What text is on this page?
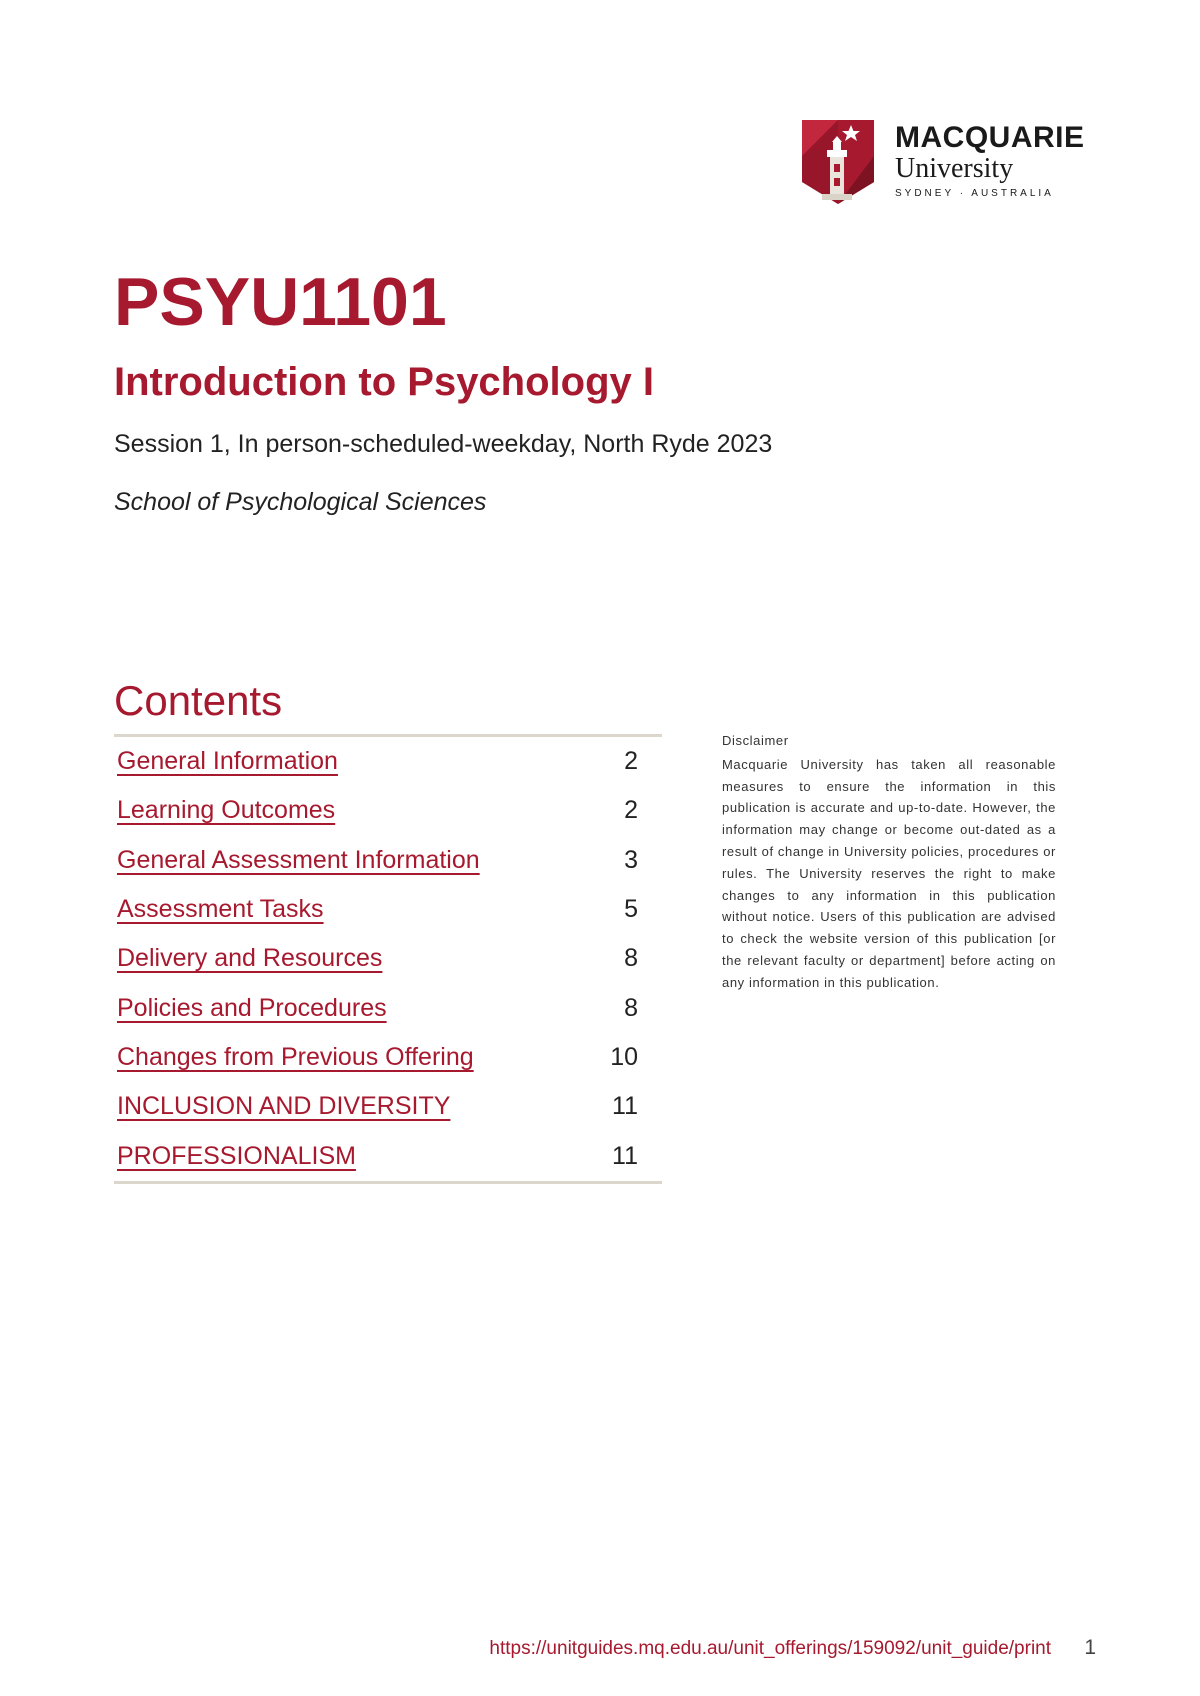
MACQUARIE
University
SYDNEY · AUSTRALIA
PSYU1101
Introduction to Psychology I
Session 1, In person-scheduled-weekday, North Ryde 2023
School of Psychological Sciences
Contents
General Information	2
Learning Outcomes	2
General Assessment Information	3
Assessment Tasks	5
Delivery and Resources	8
Policies and Procedures	8
Changes from Previous Offering	10
INCLUSION AND DIVERSITY	11
PROFESSIONALISM	11
Disclaimer
Macquarie University has taken all reasonable measures to ensure the information in this publication is accurate and up-to-date. However, the information may change or become out-dated as a result of change in University policies, procedures or rules. The University reserves the right to make changes to any information in this publication without notice. Users of this publication are advised to check the website version of this publication [or the relevant faculty or department] before acting on any information in this publication.
https://unitguides.mq.edu.au/unit_offerings/159092/unit_guide/print 1
